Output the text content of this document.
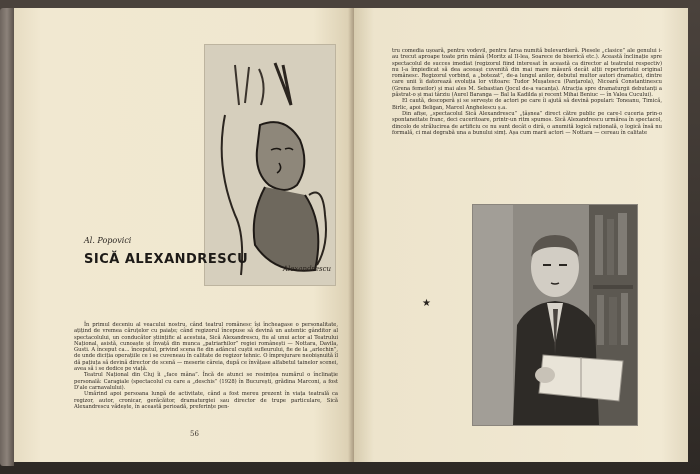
Alexandrescu
Al. Popovici
SICĂ ALEXANDRESCU

În primul deceniu al veacului nostru, când teatrul românesc își încheagase o personalitate, ațițind de vremea căruțelor cu paiațe; când regizorul începuse să devină un autentic gânditor al spectacolului, un conducător științific al acestuia, Sică Alexandrescu, fiu al unui actor al Teatrului Național, asistă, cunoaște și învață din munca „patriarhilor” regiei românești — Nottara, Davila, Gusti. A început ca... începutul, privind scena fie din adâncul cuștii sufleurului, fie de la „arlechin”, de unde diciția operațiile ce i se cuveneau în calitate de regizor tehnic. O împrejurare neobișnuită îl dă pațiuța să devină director de scenă — meserie câreia, după ce învățase alfabetul tainelor scenei, avea să i se dedice pe viață.

Teatrul Național din Cluj îi „face mâna”. Încă de atunci se resimțea numărul o înclinație personală: Caragiale (spectacolul cu care a „deschis” (1928) în București, grădina Marconi, a fost D'ale carnavalului).

Umărind apoi persoana lungă de activitate, când a fost mereu prezent în viața teatrală ca regizor, autor, cronicar, gerăcăitor, dramaturgiei sau director de trupe particulare, Sică Alexandrescu vădește, în această perioadă, preferințe pen-

56

tru comedia ușoară, pentru vodevil, pentru farsa numită bulevardieră. Piesele „clasice” ale genului i-au trecut aproape toate prin mână (Moritz al II-lea, Soarece de biserică etc.). Această înclinație spre spectacolul de succes imediat (regizorul fiind interesat în această ca director al teatrului respectiv) nu l-a împiedicat să dea aceeași cuvenită din mai mare măsură decât alții repertoriului original românesc. Regizorul vorbind, a „botezat”, de-a lungul anilor, debutul multor autori dramatici, dintre care unii îi datorează evoluția lor viitoare: Tudor Mușatescu (Panțarola), Nicoară Constantinescu (Grena femeilor) și mai ales M. Sebastian (Jocul de-a vacanța). Atracția spre dramaturgii debutanți a păstrat-o și mai târziu (Aurel Baranga — Bal la Kadilda și recent Mihai Beniuc — în Valea Cucului).

El caută, descoperă și se servește de actori pe care îi ajută să devină populari: Toneanu, Timică, Birlic, apoi Beligan, Marcel Anghelescu ș.a.

Din afișe, „spectacolul Sică Alexandrescu” „țâșnea” direct către public pe care-l cuceria prin-o spontaneitate franc, deci cuceritoare, printr-un ritm spumos. Sică Alexandrescu urmărea în spectacol, dincolo de strălucirea de artificiu ce nu sunt decât o dirâ, o anumită logică rațională, o logică însă nu formală, ci mai degrabă una a bunului simț. Așa cum marii actori — Nottara — cereau în calitate

★
